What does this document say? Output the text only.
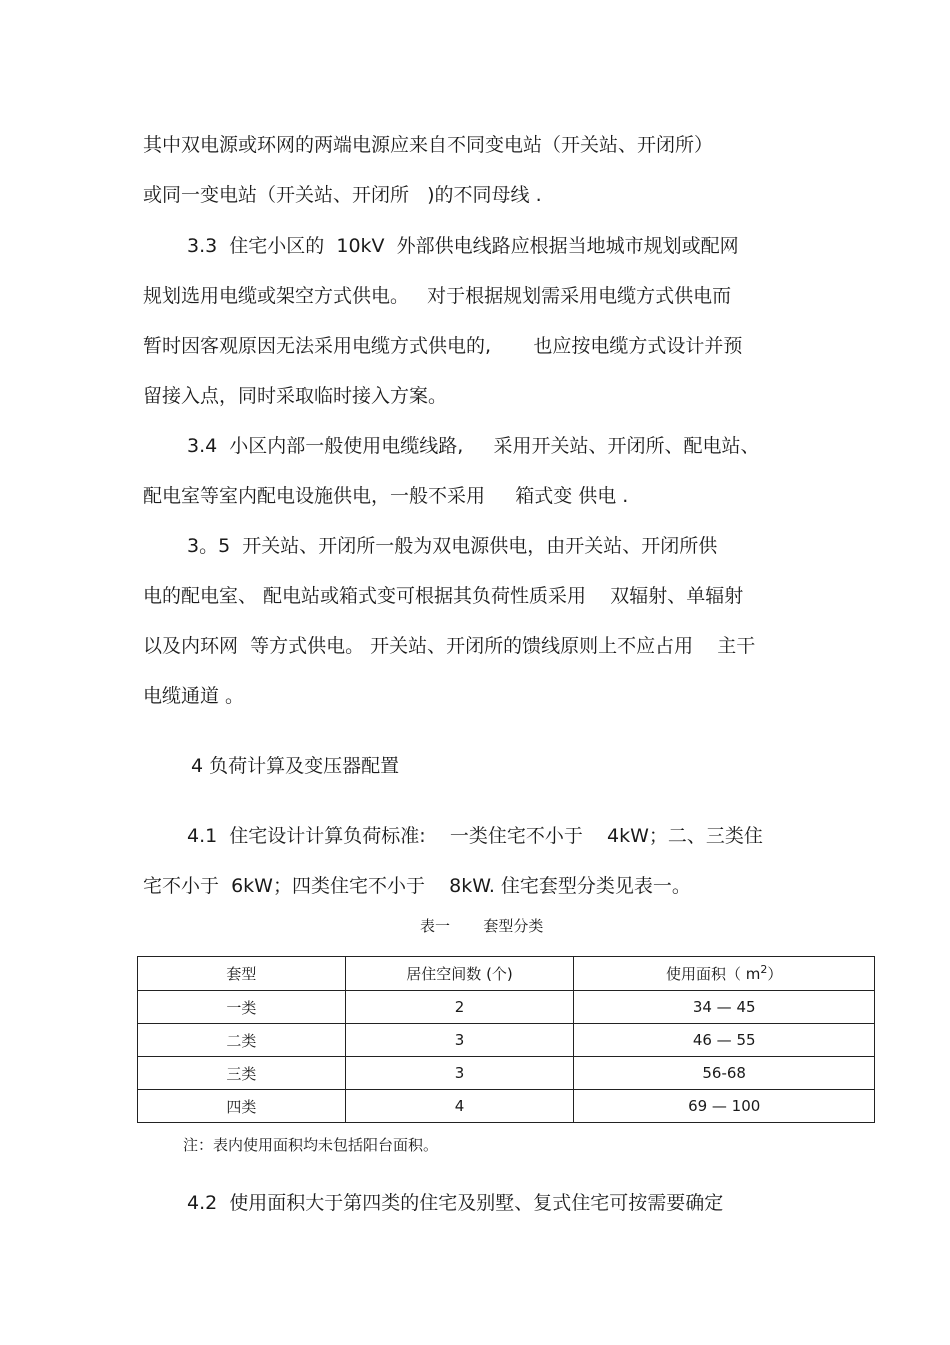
其中双电源或环网的两端电源应来自不同变电站（开关站、开闭所）
或同一变电站（开关站、开闭所   )的不同母线 .
3.3  住宅小区的  10kV  外部供电线路应根据当地城市规划或配网
规划选用电缆或架空方式供电。   对于根据规划需采用电缆方式供电而
暂时因客观原因无法采用电缆方式供电的,       也应按电缆方式设计并预
留接入点，同时采取临时接入方案。
3.4  小区内部一般使用电缆线路,     采用开关站、开闭所、配电站、
配电室等室内配电设施供电，一般不采用     箱式变 供电 .
3。5  开关站、开闭所一般为双电源供电，由开关站、开闭所供
电的配电室、 配电站或箱式变可根据其负荷性质采用    双辐射、单辐射
以及内环网  等方式供电。 开关站、开闭所的馈线原则上不应占用    主干
电缆通道 。
4 负荷计算及变压器配置
4.1  住宅设计计算负荷标准:    一类住宅不小于    4kW；二、三类住
宅不小于  6kW；四类住宅不小于    8kW. 住宅套型分类见表一。
表一       套型分类
套型	居住空间数 (个)	使用面积（ $m^2$）
一类	2	34 — 45
二类	3	46 — 55
三类	3	56-68
四类	4	69 — 100
注：表内使用面积均未包括阳台面积。
4.2  使用面积大于第四类的住宅及别墅、复式住宅可按需要确定
